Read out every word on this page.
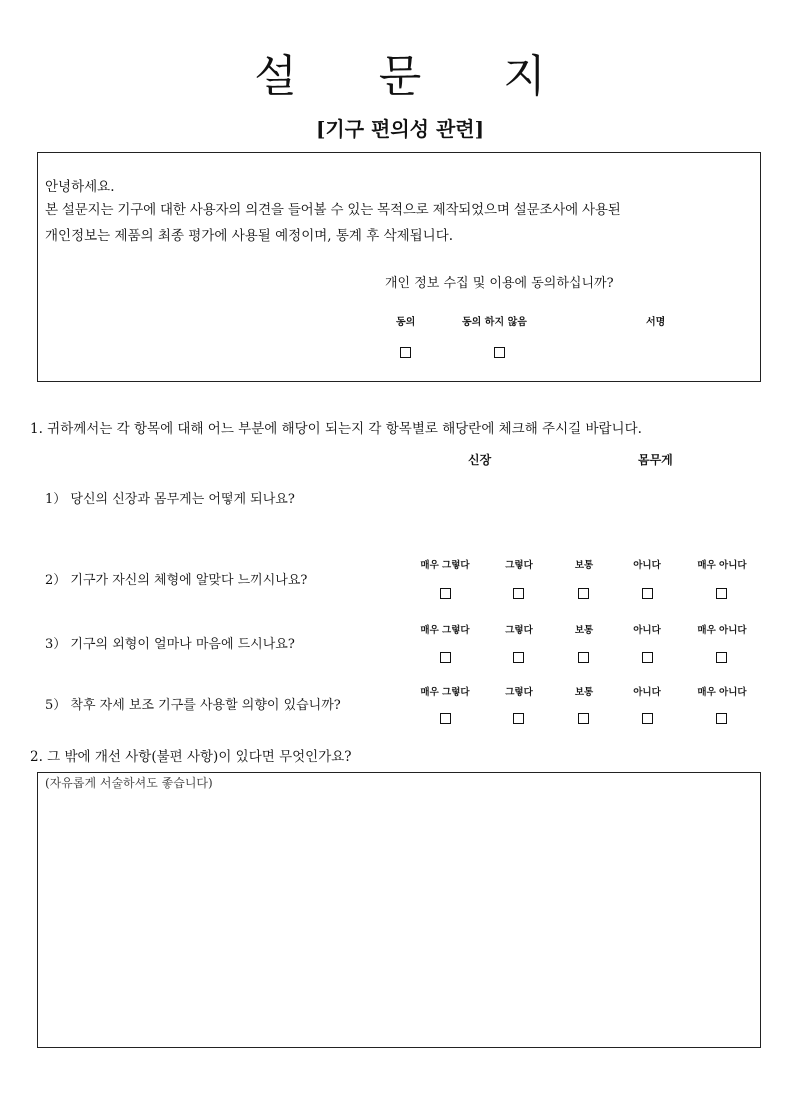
설 문 지
[기구 편의성 관련]
안녕하세요.
본 설문지는 기구에 대한 사용자의 의견을 들어볼 수 있는 목적으로 제작되었으며 설문조사에 사용된
개인정보는 제품의 최종 평가에 사용될 예정이며, 통계 후 삭제됩니다.
개인 정보 수집 및 이용에 동의하십니까?
동의	동의 하지 않음	서명
1. 귀하께서는 각 항목에 대해 어느 부분에 해당이 되는지 각 항목별로 해당란에 체크해 주시길 바랍니다.
신장	몸무게
1） 당신의 신장과 몸무게는 어떻게 되나요?
2） 기구가 자신의 체형에 알맞다 느끼시나요?
매우 그렇다	그렇다	보통	아니다	매우 아니다
3） 기구의 외형이 얼마나 마음에 드시나요?
매우 그렇다	그렇다	보통	아니다	매우 아니다
5） 착후 자세 보조 기구를 사용할 의향이 있습니까?
매우 그렇다	그렇다	보통	아니다	매우 아니다
2. 그 밖에 개선 사항(불편 사항)이 있다면 무엇인가요?
(자유롭게 서술하셔도 좋습니다)
